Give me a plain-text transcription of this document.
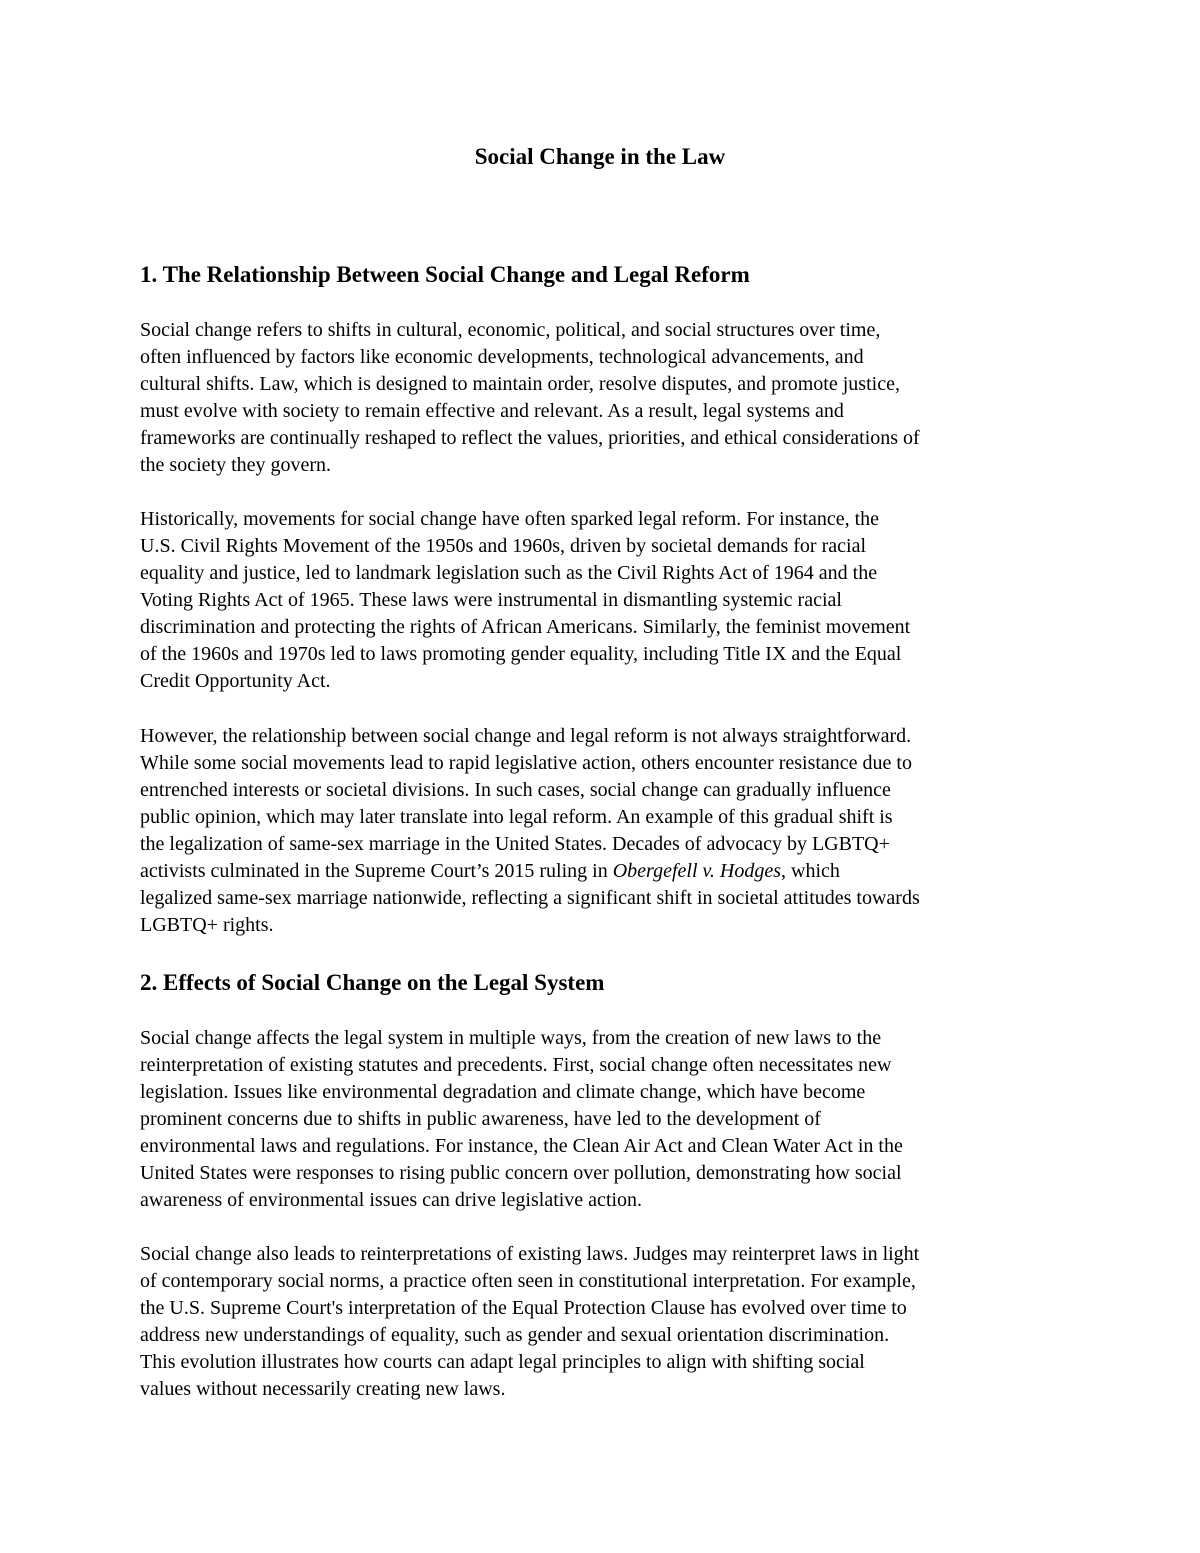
Social Change in the Law
1. The Relationship Between Social Change and Legal Reform

Social change refers to shifts in cultural, economic, political, and social structures over time,
often influenced by factors like economic developments, technological advancements, and
cultural shifts. Law, which is designed to maintain order, resolve disputes, and promote justice,
must evolve with society to remain effective and relevant. As a result, legal systems and
frameworks are continually reshaped to reflect the values, priorities, and ethical considerations of
the society they govern.

Historically, movements for social change have often sparked legal reform. For instance, the
U.S. Civil Rights Movement of the 1950s and 1960s, driven by societal demands for racial
equality and justice, led to landmark legislation such as the Civil Rights Act of 1964 and the
Voting Rights Act of 1965. These laws were instrumental in dismantling systemic racial
discrimination and protecting the rights of African Americans. Similarly, the feminist movement
of the 1960s and 1970s led to laws promoting gender equality, including Title IX and the Equal
Credit Opportunity Act.

However, the relationship between social change and legal reform is not always straightforward.
While some social movements lead to rapid legislative action, others encounter resistance due to
entrenched interests or societal divisions. In such cases, social change can gradually influence
public opinion, which may later translate into legal reform. An example of this gradual shift is
the legalization of same-sex marriage in the United States. Decades of advocacy by LGBTQ+
activists culminated in the Supreme Court’s 2015 ruling in Obergefell v. Hodges, which
legalized same-sex marriage nationwide, reflecting a significant shift in societal attitudes towards
LGBTQ+ rights.

2. Effects of Social Change on the Legal System

Social change affects the legal system in multiple ways, from the creation of new laws to the
reinterpretation of existing statutes and precedents. First, social change often necessitates new
legislation. Issues like environmental degradation and climate change, which have become
prominent concerns due to shifts in public awareness, have led to the development of
environmental laws and regulations. For instance, the Clean Air Act and Clean Water Act in the
United States were responses to rising public concern over pollution, demonstrating how social
awareness of environmental issues can drive legislative action.

Social change also leads to reinterpretations of existing laws. Judges may reinterpret laws in light
of contemporary social norms, a practice often seen in constitutional interpretation. For example,
the U.S. Supreme Court's interpretation of the Equal Protection Clause has evolved over time to
address new understandings of equality, such as gender and sexual orientation discrimination.
This evolution illustrates how courts can adapt legal principles to align with shifting social
values without necessarily creating new laws.
